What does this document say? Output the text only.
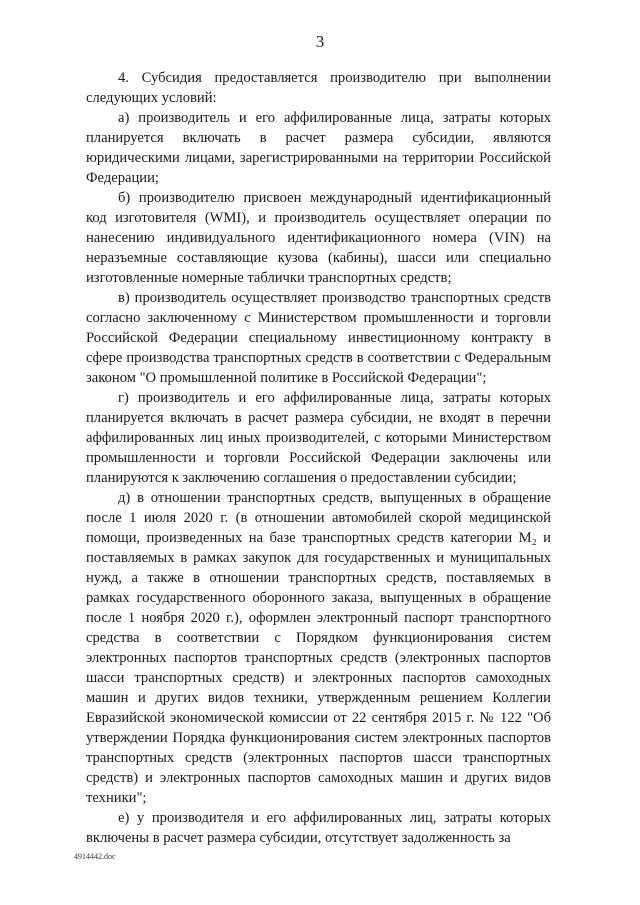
3

4. Субсидия предоставляется производителю при выполнении следующих условий:

а) производитель и его аффилированные лица, затраты которых планируется включать в расчет размера субсидии, являются юридическими лицами, зарегистрированными на территории Российской Федерации;

б) производителю присвоен международный идентификационный код изготовителя (WMI), и производитель осуществляет операции по нанесению индивидуального идентификационного номера (VIN) на неразъемные составляющие кузова (кабины), шасси или специально изготовленные номерные таблички транспортных средств;

в) производитель осуществляет производство транспортных средств согласно заключенному с Министерством промышленности и торговли Российской Федерации специальному инвестиционному контракту в сфере производства транспортных средств в соответствии с Федеральным законом "О промышленной политике в Российской Федерации";

г) производитель и его аффилированные лица, затраты которых планируется включать в расчет размера субсидии, не входят в перечни аффилированных лиц иных производителей, с которыми Министерством промышленности и торговли Российской Федерации заключены или планируются к заключению соглашения о предоставлении субсидии;

д) в отношении транспортных средств, выпущенных в обращение после 1 июля 2020 г. (в отношении автомобилей скорой медицинской помощи, произведенных на базе транспортных средств категории M₂ и поставляемых в рамках закупок для государственных и муниципальных нужд, а также в отношении транспортных средств, поставляемых в рамках государственного оборонного заказа, выпущенных в обращение после 1 ноября 2020 г.), оформлен электронный паспорт транспортного средства в соответствии с Порядком функционирования систем электронных паспортов транспортных средств (электронных паспортов шасси транспортных средств) и электронных паспортов самоходных машин и других видов техники, утвержденным решением Коллегии Евразийской экономической комиссии от 22 сентября 2015 г. № 122 "Об утверждении Порядка функционирования систем электронных паспортов транспортных средств (электронных паспортов шасси транспортных средств) и электронных паспортов самоходных машин и других видов техники";

е) у производителя и его аффилированных лиц, затраты которых включены в расчет размера субсидии, отсутствует задолженность за

4914442.doc
